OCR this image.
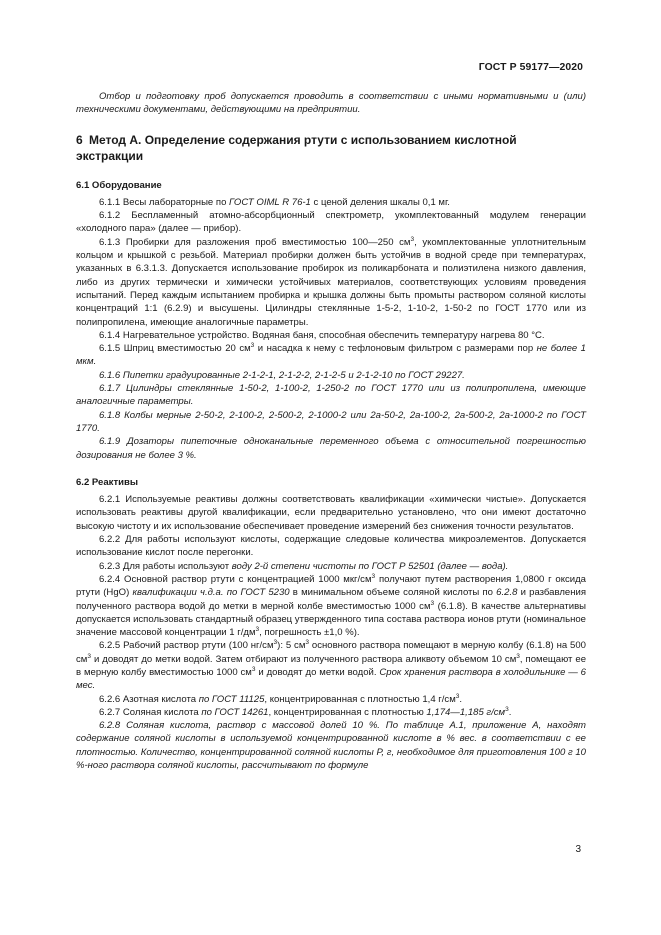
ГОСТ Р 59177—2020

Отбор и подготовку проб допускается проводить в соответствии с иными нормативными и (или) техническими документами, действующими на предприятии.

6 Метод А. Определение содержания ртути с использованием кислотной экстракции
6.1 Оборудование

6.1.1 Весы лабораторные по ГОСТ OIML R 76-1 с ценой деления шкалы 0,1 мг.

6.1.2 Беспламенный атомно-абсорбционный спектрометр, укомплектованный модулем генерации «холодного пара» (далее — прибор).

6.1.3 Пробирки для разложения проб вместимостью 100—250 $см^3$, укомплектованные уплотнительным кольцом и крышкой с резьбой. Материал пробирки должен быть устойчив в водной среде при температурах, указанных в 6.3.1.3. Допускается использование пробирок из поликарбоната и полиэтилена низкого давления, либо из других термически и химически устойчивых материалов, соответствующих условиям проведения испытаний. Перед каждым испытанием пробирка и крышка должны быть промыты раствором соляной кислоты концентраций 1:1 (6.2.9) и высушены. Цилиндры стеклянные 1-5-2, 1-10-2, 1-50-2 по ГОСТ 1770 или из полипропилена, имеющие аналогичные параметры.

6.1.4 Нагревательное устройство. Водяная баня, способная обеспечить температуру нагрева 80 °C.

6.1.5 Шприц вместимостью 20 $см^3$ и насадка к нему с тефлоновым фильтром с размерами пор не более 1 мкм.

6.1.6 Пипетки градуированные 2-1-2-1, 2-1-2-2, 2-1-2-5 и 2-1-2-10 по ГОСТ 29227.

6.1.7 Цилиндры стеклянные 1-50-2, 1-100-2, 1-250-2 по ГОСТ 1770 или из полипропилена, имеющие аналогичные параметры.

6.1.8 Колбы мерные 2-50-2, 2-100-2, 2-500-2, 2-1000-2 или 2а-50-2, 2а-100-2, 2а-500-2, 2а-1000-2 по ГОСТ 1770.

6.1.9 Дозаторы пипеточные одноканальные переменного объема с относительной погрешностью дозирования не более 3 %.

6.2 Реактивы

6.2.1 Используемые реактивы должны соответствовать квалификации «химически чистые». Допускается использовать реактивы другой квалификации, если предварительно установлено, что они имеют достаточно высокую чистоту и их использование обеспечивает проведение измерений без снижения точности результатов.

6.2.2 Для работы используют кислоты, содержащие следовые количества микроэлементов. Допускается использование кислот после перегонки.

6.2.3 Для работы используют воду 2-й степени чистоты по ГОСТ Р 52501 (далее — вода).

6.2.4 Основной раствор ртути с концентрацией 1000 мкг/$см^3$ получают путем растворения 1,0800 г оксида ртути (HgO) квалификации ч.д.а. по ГОСТ 5230 в минимальном объеме соляной кислоты по 6.2.8 и разбавления полученного раствора водой до метки в мерной колбе вместимостью 1000 $см^3$ (6.1.8). В качестве альтернативы допускается использовать стандартный образец утвержденного типа состава раствора ионов ртути (номинальное значение массовой концентрации 1 $г/дм^3$, погрешность ±1,0 %).

6.2.5 Рабочий раствор ртути (100 $нг/см^3$): 5 $см^3$ основного раствора помещают в мерную колбу (6.1.8) на 500 $см^3$ и доводят до метки водой. Затем отбирают из полученного раствора аликвоту объемом 10 $см^3$, помещают ее в мерную колбу вместимостью 1000 $см^3$ и доводят до метки водой. Срок хранения раствора в холодильнике — 6 мес.

6.2.6 Азотная кислота по ГОСТ 11125, концентрированная с плотностью 1,4 $г/см^3$.

6.2.7 Соляная кислота по ГОСТ 14261, концентрированная с плотностью 1,174—1,185 $г/см^3$.

6.2.8 Соляная кислота, раствор с массовой долей 10 %. По таблице А.1, приложение А, находят содержание соляной кислоты в используемой концентрированной кислоте в % вес. в соответствии с ее плотностью. Количество, концентрированной соляной кислоты Р, г, необходимое для приготовления 100 г 10 %-ного раствора соляной кислоты, рассчитывают по формуле

3
